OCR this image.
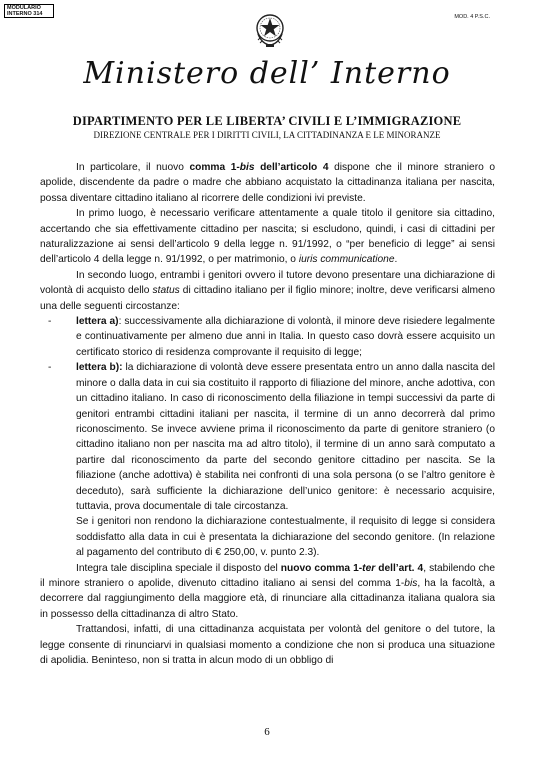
MODULARIO
INTERNO 314	MOD. 4 P.S.C.
Ministero dell’ Interno
DIPARTIMENTO PER LE LIBERTA’ CIVILI E L’IMMIGRAZIONE
DIREZIONE CENTRALE PER I DIRITTI CIVILI, LA CITTADINANZA E LE MINORANZE

In particolare, il nuovo comma 1-bis dell’articolo 4 dispone che il minore straniero o apolide, discendente da padre o madre che abbiano acquistato la cittadinanza italiana per nascita, possa diventare cittadino italiano al ricorrere delle condizioni ivi previste.

In primo luogo, è necessario verificare attentamente a quale titolo il genitore sia cittadino, accertando che sia effettivamente cittadino per nascita; si escludono, quindi, i casi di cittadini per naturalizzazione ai sensi dell’articolo 9 della legge n. 91/1992, o “per beneficio di legge” ai sensi dell’articolo 4 della legge n. 91/1992, o per matrimonio, o iuris communicatione.

In secondo luogo, entrambi i genitori ovvero il tutore devono presentare una dichiarazione di volontà di acquisto dello status di cittadino italiano per il figlio minore; inoltre, deve verificarsi almeno una delle seguenti circostanze:

- lettera a): successivamente alla dichiarazione di volontà, il minore deve risiedere legalmente e continuativamente per almeno due anni in Italia. In questo caso dovrà essere acquisito un certificato storico di residenza comprovante il requisito di legge;
- lettera b): la dichiarazione di volontà deve essere presentata entro un anno dalla nascita del minore o dalla data in cui sia costituito il rapporto di filiazione del minore, anche adottiva, con un cittadino italiano. In caso di riconoscimento della filiazione in tempi successivi da parte di genitori entrambi cittadini italiani per nascita, il termine di un anno decorrerà dal primo riconoscimento. Se invece avviene prima il riconoscimento da parte di genitore straniero (o cittadino italiano non per nascita ma ad altro titolo), il termine di un anno sarà computato a partire dal riconoscimento da parte del secondo genitore cittadino per nascita. Se la filiazione (anche adottiva) è stabilita nei confronti di una sola persona (o se l’altro genitore è deceduto), sarà sufficiente la dichiarazione dell’unico genitore: è necessario acquisire, tuttavia, prova documentale di tale circostanza.

Se i genitori non rendono la dichiarazione contestualmente, il requisito di legge si considera soddisfatto alla data in cui è presentata la dichiarazione del secondo genitore. (In relazione al pagamento del contributo di € 250,00, v. punto 2.3).

Integra tale disciplina speciale il disposto del nuovo comma 1-ter dell’art. 4, stabilendo che il minore straniero o apolide, divenuto cittadino italiano ai sensi del comma 1-bis, ha la facoltà, a decorrere dal raggiungimento della maggiore età, di rinunciare alla cittadinanza italiana qualora sia in possesso della cittadinanza di altro Stato.

Trattandosi, infatti, di una cittadinanza acquistata per volontà del genitore o del tutore, la legge consente di rinunciarvi in qualsiasi momento a condizione che non si produca una situazione di apolidia. Beninteso, non si tratta in alcun modo di un obbligo di

6
